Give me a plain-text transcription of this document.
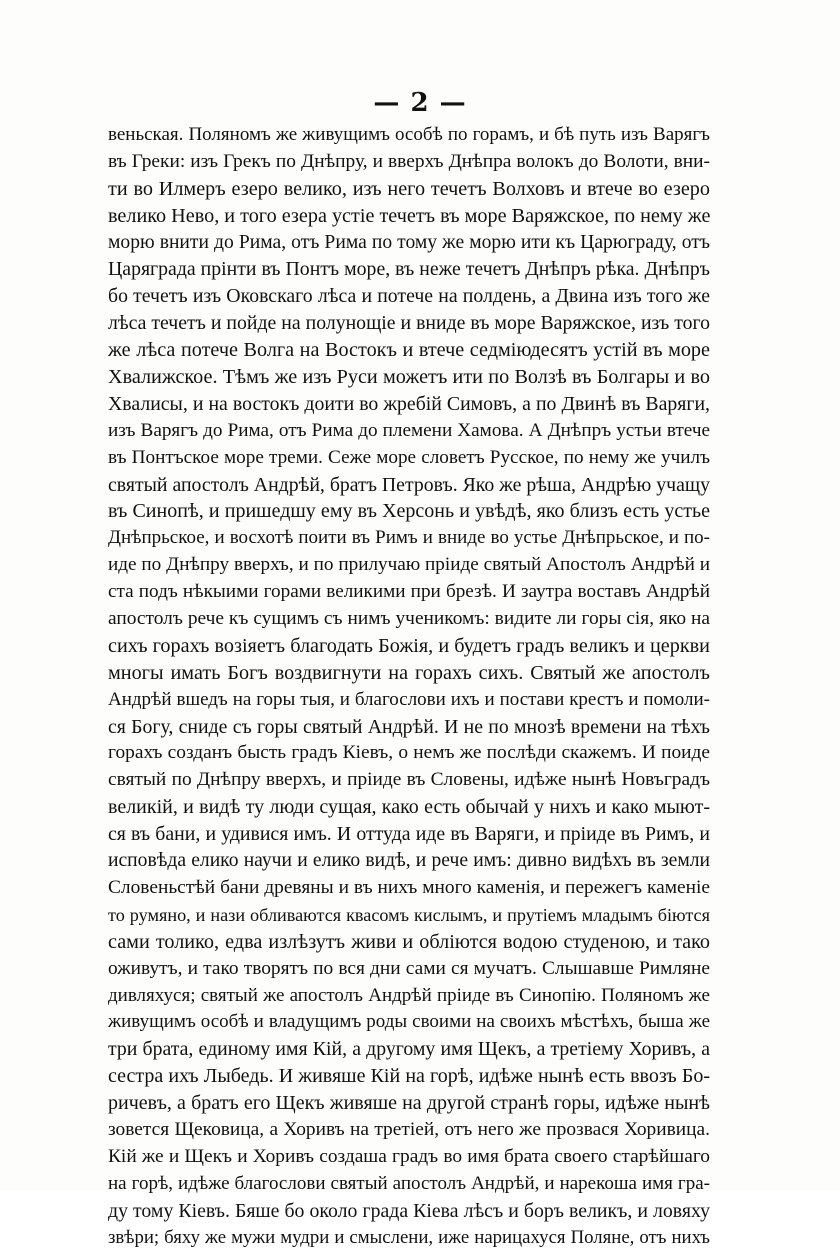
— 2 —
веньская. Поляномъ же живущимъ особѣ по горамъ, и бѣ путь изъ Варягъ
въ Греки: изъ Грекъ по Днѣпру, и вверхъ Днѣпра волокъ до Волоти, вни-
ти во Илмеръ езеро велико, изъ него течетъ Волховъ и втече во езеро
велико Нево, и того езера устіе течетъ въ море Варяжское, по нему же
морю внити до Рима, отъ Рима по тому же морю ити къ Царюграду, отъ
Царяграда прінти въ Понтъ море, въ неже течетъ Днѣпръ рѣка. Днѣпръ
бо течетъ изъ Оковскаго лѣса и потече на полдень, а Двина изъ того же
лѣса течетъ и пойде на полунощіе и вниде въ море Варяжское, изъ того
же лѣса потече Волга на Востокъ и втече седміюдесятъ устій въ море
Хвалижское. Тѣмъ же изъ Руси можетъ ити по Волзѣ въ Болгары и во
Хвалисы, и на востокъ доити во жребій Симовъ, а по Двинѣ въ Варяги,
изъ Варягъ до Рима, отъ Рима до племени Хамова. А Днѣпръ устьи втече
въ Понтъское море треми. Сеже море словетъ Русское, по нему же училъ
святый апостолъ Андрѣй, братъ Петровъ. Яко же рѣша, Андрѣю учащу
въ Синопѣ, и пришедшу ему въ Херсонь и увѣдѣ, яко близъ есть устье
Днѣпрьское, и восхотѣ поити въ Римъ и вниде во устье Днѣпрьское, и по-
иде по Днѣпру вверхъ, и по прилучаю пріиде святый Апостолъ Андрѣй и
ста подъ нѣкыими горами великими при брезѣ. И заутра воставъ Андрѣй
апостолъ рече къ сущимъ съ нимъ ученикомъ: видите ли горы сія, яко на
сихъ горахъ возіяетъ благодать Божія, и будетъ градъ великъ и церкви
многы имать Богъ воздвигнути на горахъ сихъ. Святый же апостолъ
Андрѣй вшедъ на горы тыя, и благослови ихъ и постави крестъ и помоли-
ся Богу, сниде съ горы святый Андрѣй. И не по мнозѣ времени на тѣхъ
горахъ созданъ бысть градъ Кіевъ, о немъ же послѣди скажемъ. И поиде
святый по Днѣпру вверхъ, и пріиде въ Словены, идѣже нынѣ Новъградъ
великій, и видѣ ту люди сущая, како есть обычай у нихъ и како мыют-
ся въ бани, и удивися имъ. И оттуда иде въ Варяги, и пріиде въ Римъ, и
исповѣда елико научи и елико видѣ, и рече имъ: дивно видѣхъ въ земли
Словеньстѣй бани древяны и въ нихъ много каменія, и пережегъ каменіе
то румяно, и нази обливаются квасомъ кислымъ, и прутіемъ младымъ біются
сами толико, едва излѣзутъ живи и обліются водою студеною, и тако
оживутъ, и тако творятъ по вся дни сами ся мучатъ. Слышавше Римляне
дивляхуся; святый же апостолъ Андрѣй пріиде въ Синопію. Поляномъ же
живущимъ особѣ и владущимъ роды своими на своихъ мѣстѣхъ, быша же
три брата, единому имя Кій, а другому имя Щекъ, а третіему Хоривъ, а
сестра ихъ Лыбедь. И живяше Кій на горѣ, идѣже нынѣ есть ввозъ Бо-
ричевъ, а братъ его Щекъ живяше на другой странѣ горы, идѣже нынѣ
зовется Щековица, а Хоривъ на третіей, отъ него же прозвася Хоривица.
Кій же и Щекъ и Хоривъ создаша градъ во имя брата своего старѣйшаго
на горѣ, идѣже благослови святый апостолъ Андрѣй, и нарекоша имя гра-
ду тому Кіевъ. Бяше бо около града Кіева лѣсъ и боръ великъ, и ловяху
звѣри; бяху же мужи мудри и смыслени, иже нарицахуся Поляне, отъ нихъ
